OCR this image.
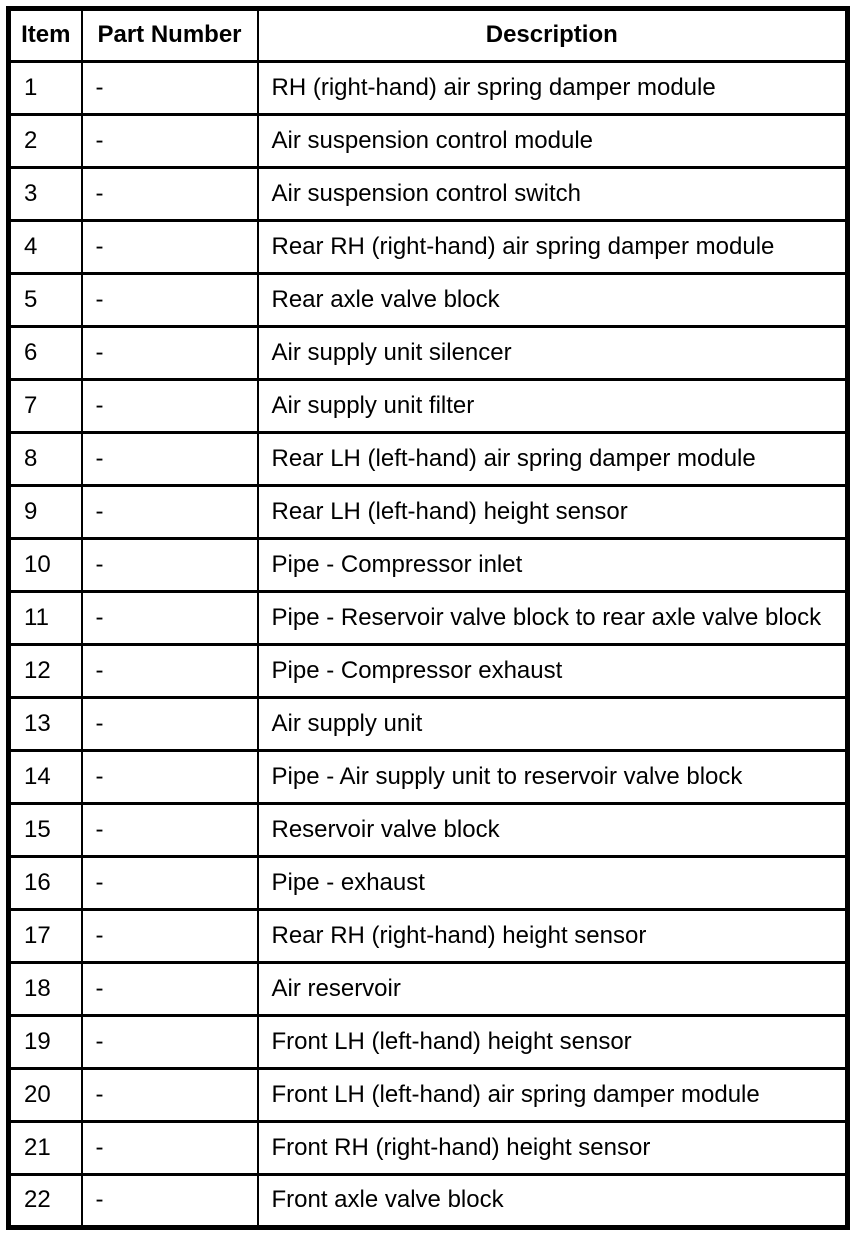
Item	Part Number	Description
1	-	RH (right-hand) air spring damper module
2	-	Air suspension control module
3	-	Air suspension control switch
4	-	Rear RH (right-hand) air spring damper module
5	-	Rear axle valve block
6	-	Air supply unit silencer
7	-	Air supply unit filter
8	-	Rear LH (left-hand) air spring damper module
9	-	Rear LH (left-hand) height sensor
10	-	Pipe - Compressor inlet
11	-	Pipe - Reservoir valve block to rear axle valve block
12	-	Pipe - Compressor exhaust
13	-	Air supply unit
14	-	Pipe - Air supply unit to reservoir valve block
15	-	Reservoir valve block
16	-	Pipe - exhaust
17	-	Rear RH (right-hand) height sensor
18	-	Air reservoir
19	-	Front LH (left-hand) height sensor
20	-	Front LH (left-hand) air spring damper module
21	-	Front RH (right-hand) height sensor
22	-	Front axle valve block
